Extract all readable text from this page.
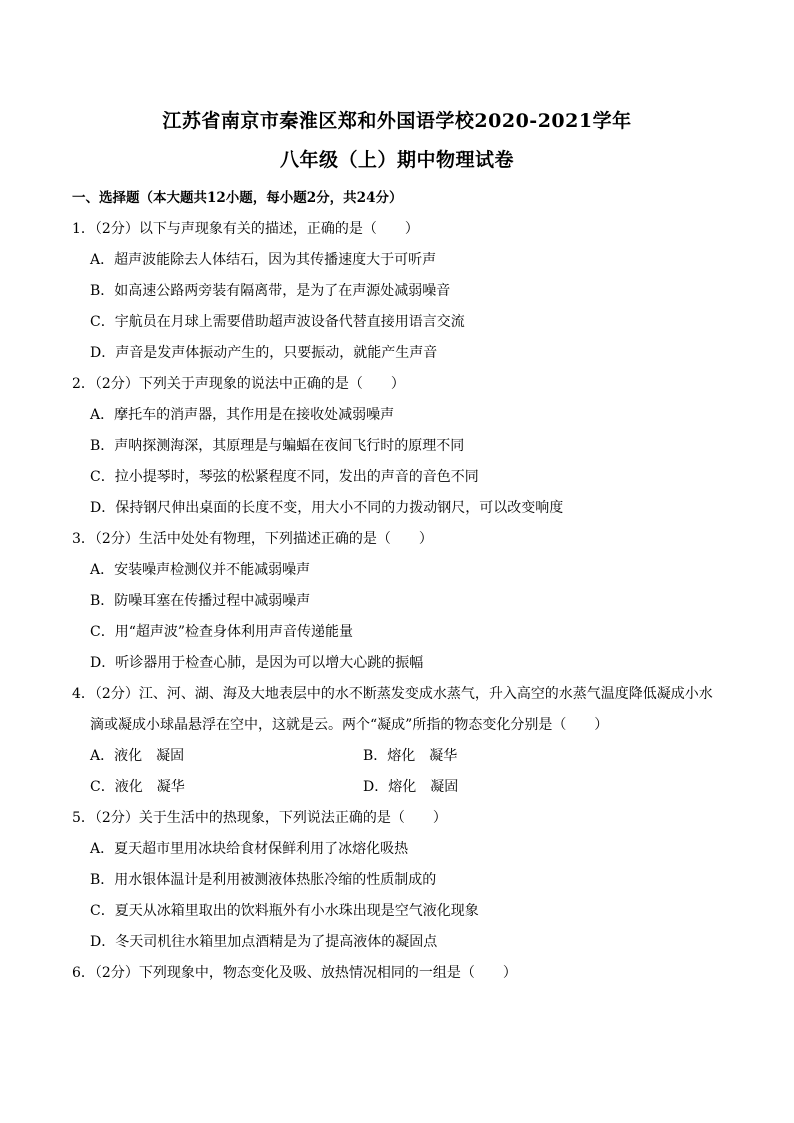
江苏省南京市秦淮区郑和外国语学校2020-2021学年
八年级（上）期中物理试卷
一、选择题（本大题共12小题，每小题2分，共24分）
1．（2分）以下与声现象有关的描述，正确的是（　　）
A．超声波能除去人体结石，因为其传播速度大于可听声
B．如高速公路两旁装有隔离带，是为了在声源处减弱噪音
C．宇航员在月球上需要借助超声波设备代替直接用语言交流
D．声音是发声体振动产生的，只要振动，就能产生声音
2．（2分）下列关于声现象的说法中正确的是（　　）
A．摩托车的消声器，其作用是在接收处减弱噪声
B．声呐探测海深，其原理是与蝙蝠在夜间飞行时的原理不同
C．拉小提琴时，琴弦的松紧程度不同，发出的声音的音色不同
D．保持钢尺伸出桌面的长度不变，用大小不同的力拨动钢尺，可以改变响度
3．（2分）生活中处处有物理，下列描述正确的是（　　）
A．安装噪声检测仪并不能减弱噪声
B．防噪耳塞在传播过程中减弱噪声
C．用“超声波”检查身体利用声音传递能量
D．听诊器用于检查心肺，是因为可以增大心跳的振幅
4．（2分）江、河、湖、海及大地表层中的水不断蒸发变成水蒸气，升入高空的水蒸气温度降低凝成小水
滴或凝成小球晶悬浮在空中，这就是云。两个“凝成”所指的物态变化分别是（　　）
A．液化　凝固	B．熔化　凝华
C．液化　凝华	D．熔化　凝固
5．（2分）关于生活中的热现象，下列说法正确的是（　　）
A．夏天超市里用冰块给食材保鲜利用了冰熔化吸热
B．用水银体温计是利用被测液体热胀冷缩的性质制成的
C．夏天从冰箱里取出的饮料瓶外有小水珠出现是空气液化现象
D．冬天司机往水箱里加点酒精是为了提高液体的凝固点
6．（2分）下列现象中，物态变化及吸、放热情况相同的一组是（　　）
